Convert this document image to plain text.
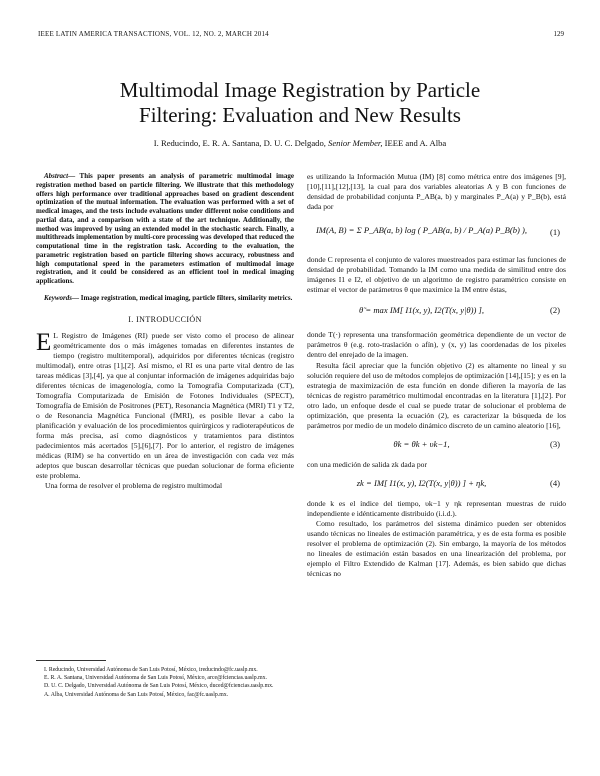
IEEE LATIN AMERICA TRANSACTIONS, VOL. 12, NO. 2, MARCH 2014	129
Multimodal Image Registration by Particle
Filtering: Evaluation and New Results
I. Reducindo, E. R. A. Santana, D. U. C. Delgado, Senior Member, IEEE and A. Alba

Abstract— This paper presents an analysis of parametric multimodal image registration method based on particle filtering. We illustrate that this methodology offers high performance over traditional approaches based on gradient descendent optimization of the mutual information. The evaluation was performed with a set of medical images, and the tests include evaluations under different noise conditions and partial data, and a comparison with a state of the art technique. Additionally, the method was improved by using an extended model in the stochastic search. Finally, a multithreads implementation by multi-core processing was developed that reduced the computational time in the registration task. According to the evaluation, the parametric registration based on particle filtering shows accuracy, robustness and high computational speed in the parameters estimation of multimodal image registration, and it could be considered as an efficient tool in medical imaging applications.

Keywords— Image registration, medical imaging, particle filters, similarity metrics.

I. INTRODUCCIÓN
E L Registro de Imágenes (RI) puede ser visto como el proceso de alinear geométricamente dos o más imágenes tomadas en diferentes instantes de tiempo (registro multitemporal), adquiridos por diferentes técnicas (registro multimodal), entre otras [1],[2]. Así mismo, el RI es una parte vital dentro de las tareas médicas [3],[4], ya que al conjuntar información de imágenes adquiridas bajo diferentes técnicas de imagenología, como la Tomografía Computarizada (CT), Tomografía Computarizada de Emisión de Fotones Individuales (SPECT), Tomografía de Emisión de Positrones (PET), Resonancia Magnética (MRI) T1 y T2, o de Resonancia Magnética Funcional (fMRI), es posible llevar a cabo la planificación y evaluación de los procedimientos quirúrgicos y radioterapéuticos de forma más precisa, así como diagnósticos y tratamientos para distintos padecimientos más acertados [5],[6],[7]. Por lo anterior, el registro de imágenes médicas (RIM) se ha convertido en un área de investigación con cada vez más adeptos que buscan desarrollar técnicas que puedan solucionar de forma eficiente este problema.

Una forma de resolver el problema de registro multimodal

I. Reducindo, Universidad Autónoma de San Luis Potosí, México, ireducindo@fc.uaslp.mx.

E. R. A. Santana, Universidad Autónoma de San Luis Potosí, México, arce@fciencias.uaslp.mx.

D. U. C. Delgado, Universidad Autónoma de San Luis Potosí, México, duced@fciencias.uaslp.mx.

A. Alba, Universidad Autónoma de San Luis Potosí, México, fac@fc.uaslp.mx.

es utilizando la Información Mutua (IM) [8] como métrica entre dos imágenes [9],[10],[11],[12],[13], la cual para dos variables aleatorias A y B con funciones de densidad de probabilidad conjunta P_AB(a, b) y marginales P_A(a) y P_B(b), está dada por

IM(A, B) = Σ P_AB(a, b) log ( P_AB(a, b) / P_A(a) P_B(b) ),	(1)

donde C representa el conjunto de valores muestreados para estimar las funciones de densidad de probabilidad. Tomando la IM como una medida de similitud entre dos imágenes I1 e I2, el objetivo de un algoritmo de registro paramétrico consiste en estimar el vector de parámetros θ que maximice la IM entre éstas,

θ̃ = max IM[ I1(x, y), I2(T(x, y|θ)) ],	(2)

donde T(·) representa una transformación geométrica dependiente de un vector de parámetros θ (e.g. roto-traslación o afín), y (x, y) las coordenadas de los pixeles dentro del enrejado de la imagen.

Resulta fácil apreciar que la función objetivo (2) es altamente no lineal y su solución requiere del uso de métodos complejos de optimización [14],[15]; y es en la estrategia de maximización de esta función en donde difieren la mayoría de las técnicas de registro paramétrico multimodal encontradas en la literatura [1],[2]. Por otro lado, un enfoque desde el cual se puede tratar de solucionar el problema de optimización, que presenta la ecuación (2), es caracterizar la búsqueda de los parámetros por medio de un modelo dinámico discreto de un camino aleatorio [16],

θk = θk + υk−1,	(3)

con una medición de salida zk dada por

zk = IM[ I1(x, y), I2(T(x, y|θ)) ] + ηk,	(4)

donde k es el índice del tiempo, υk−1 y ηk representan muestras de ruido independiente e idénticamente distribuido (i.i.d.).

Como resultado, los parámetros del sistema dinámico pueden ser obtenidos usando técnicas no lineales de estimación paramétrica, y es de esta forma es posible resolver el problema de optimización (2). Sin embargo, la mayoría de los métodos no lineales de estimación están basados en una linearización del problema, por ejemplo el Filtro Extendido de Kalman [17]. Además, es bien sabido que dichas técnicas no
